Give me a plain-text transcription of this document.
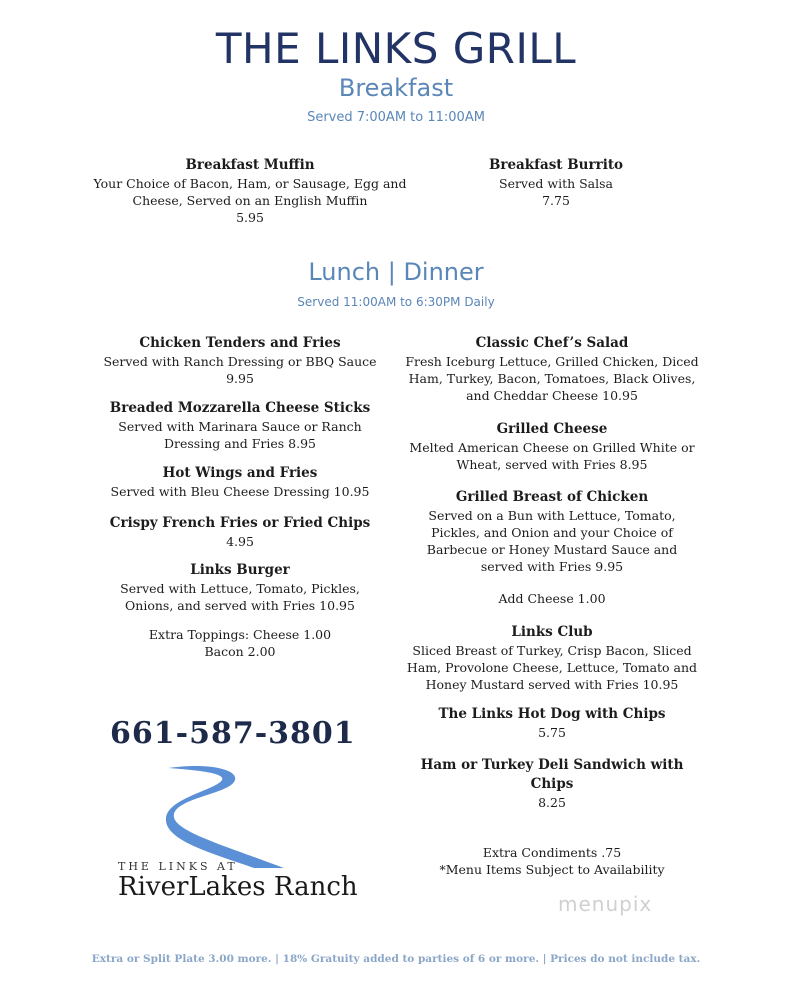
THE LINKS GRILL
Breakfast
Served 7:00AM to 11:00AM
Breakfast Muffin
Your Choice of Bacon, Ham, or Sausage, Egg and
Cheese, Served on an English Muffin
5.95
Breakfast Burrito
Served with Salsa
7.75
Lunch | Dinner
Served 11:00AM to 6:30PM Daily
Chicken Tenders and Fries
Served with Ranch Dressing or BBQ Sauce
9.95
Breaded Mozzarella Cheese Sticks
Served with Marinara Sauce or Ranch
Dressing and Fries 8.95
Hot Wings and Fries
Served with Bleu Cheese Dressing 10.95
Crispy French Fries or Fried Chips
4.95
Links Burger
Served with Lettuce, Tomato, Pickles,
Onions, and served with Fries 10.95
Extra Toppings: Cheese 1.00
Bacon 2.00
Classic Chef’s Salad
Fresh Iceburg Lettuce, Grilled Chicken, Diced
Ham, Turkey, Bacon, Tomatoes, Black Olives,
and Cheddar Cheese 10.95
Grilled Cheese
Melted American Cheese on Grilled White or
Wheat, served with Fries 8.95
Grilled Breast of Chicken
Served on a Bun with Lettuce, Tomato,
Pickles, and Onion and your Choice of
Barbecue or Honey Mustard Sauce and
served with Fries 9.95
Add Cheese 1.00
Links Club
Sliced Breast of Turkey, Crisp Bacon, Sliced
Ham, Provolone Cheese, Lettuce, Tomato and
Honey Mustard served with Fries 10.95
The Links Hot Dog with Chips
5.75
Ham or Turkey Deli Sandwich with
Chips
8.25
Extra Condiments .75
*Menu Items Subject to Availability
661-587-3801
THE LINKS AT
RiverLakes Ranch
menupix
Extra or Split Plate 3.00 more. | 18% Gratuity added to parties of 6 or more. | Prices do not include tax.
